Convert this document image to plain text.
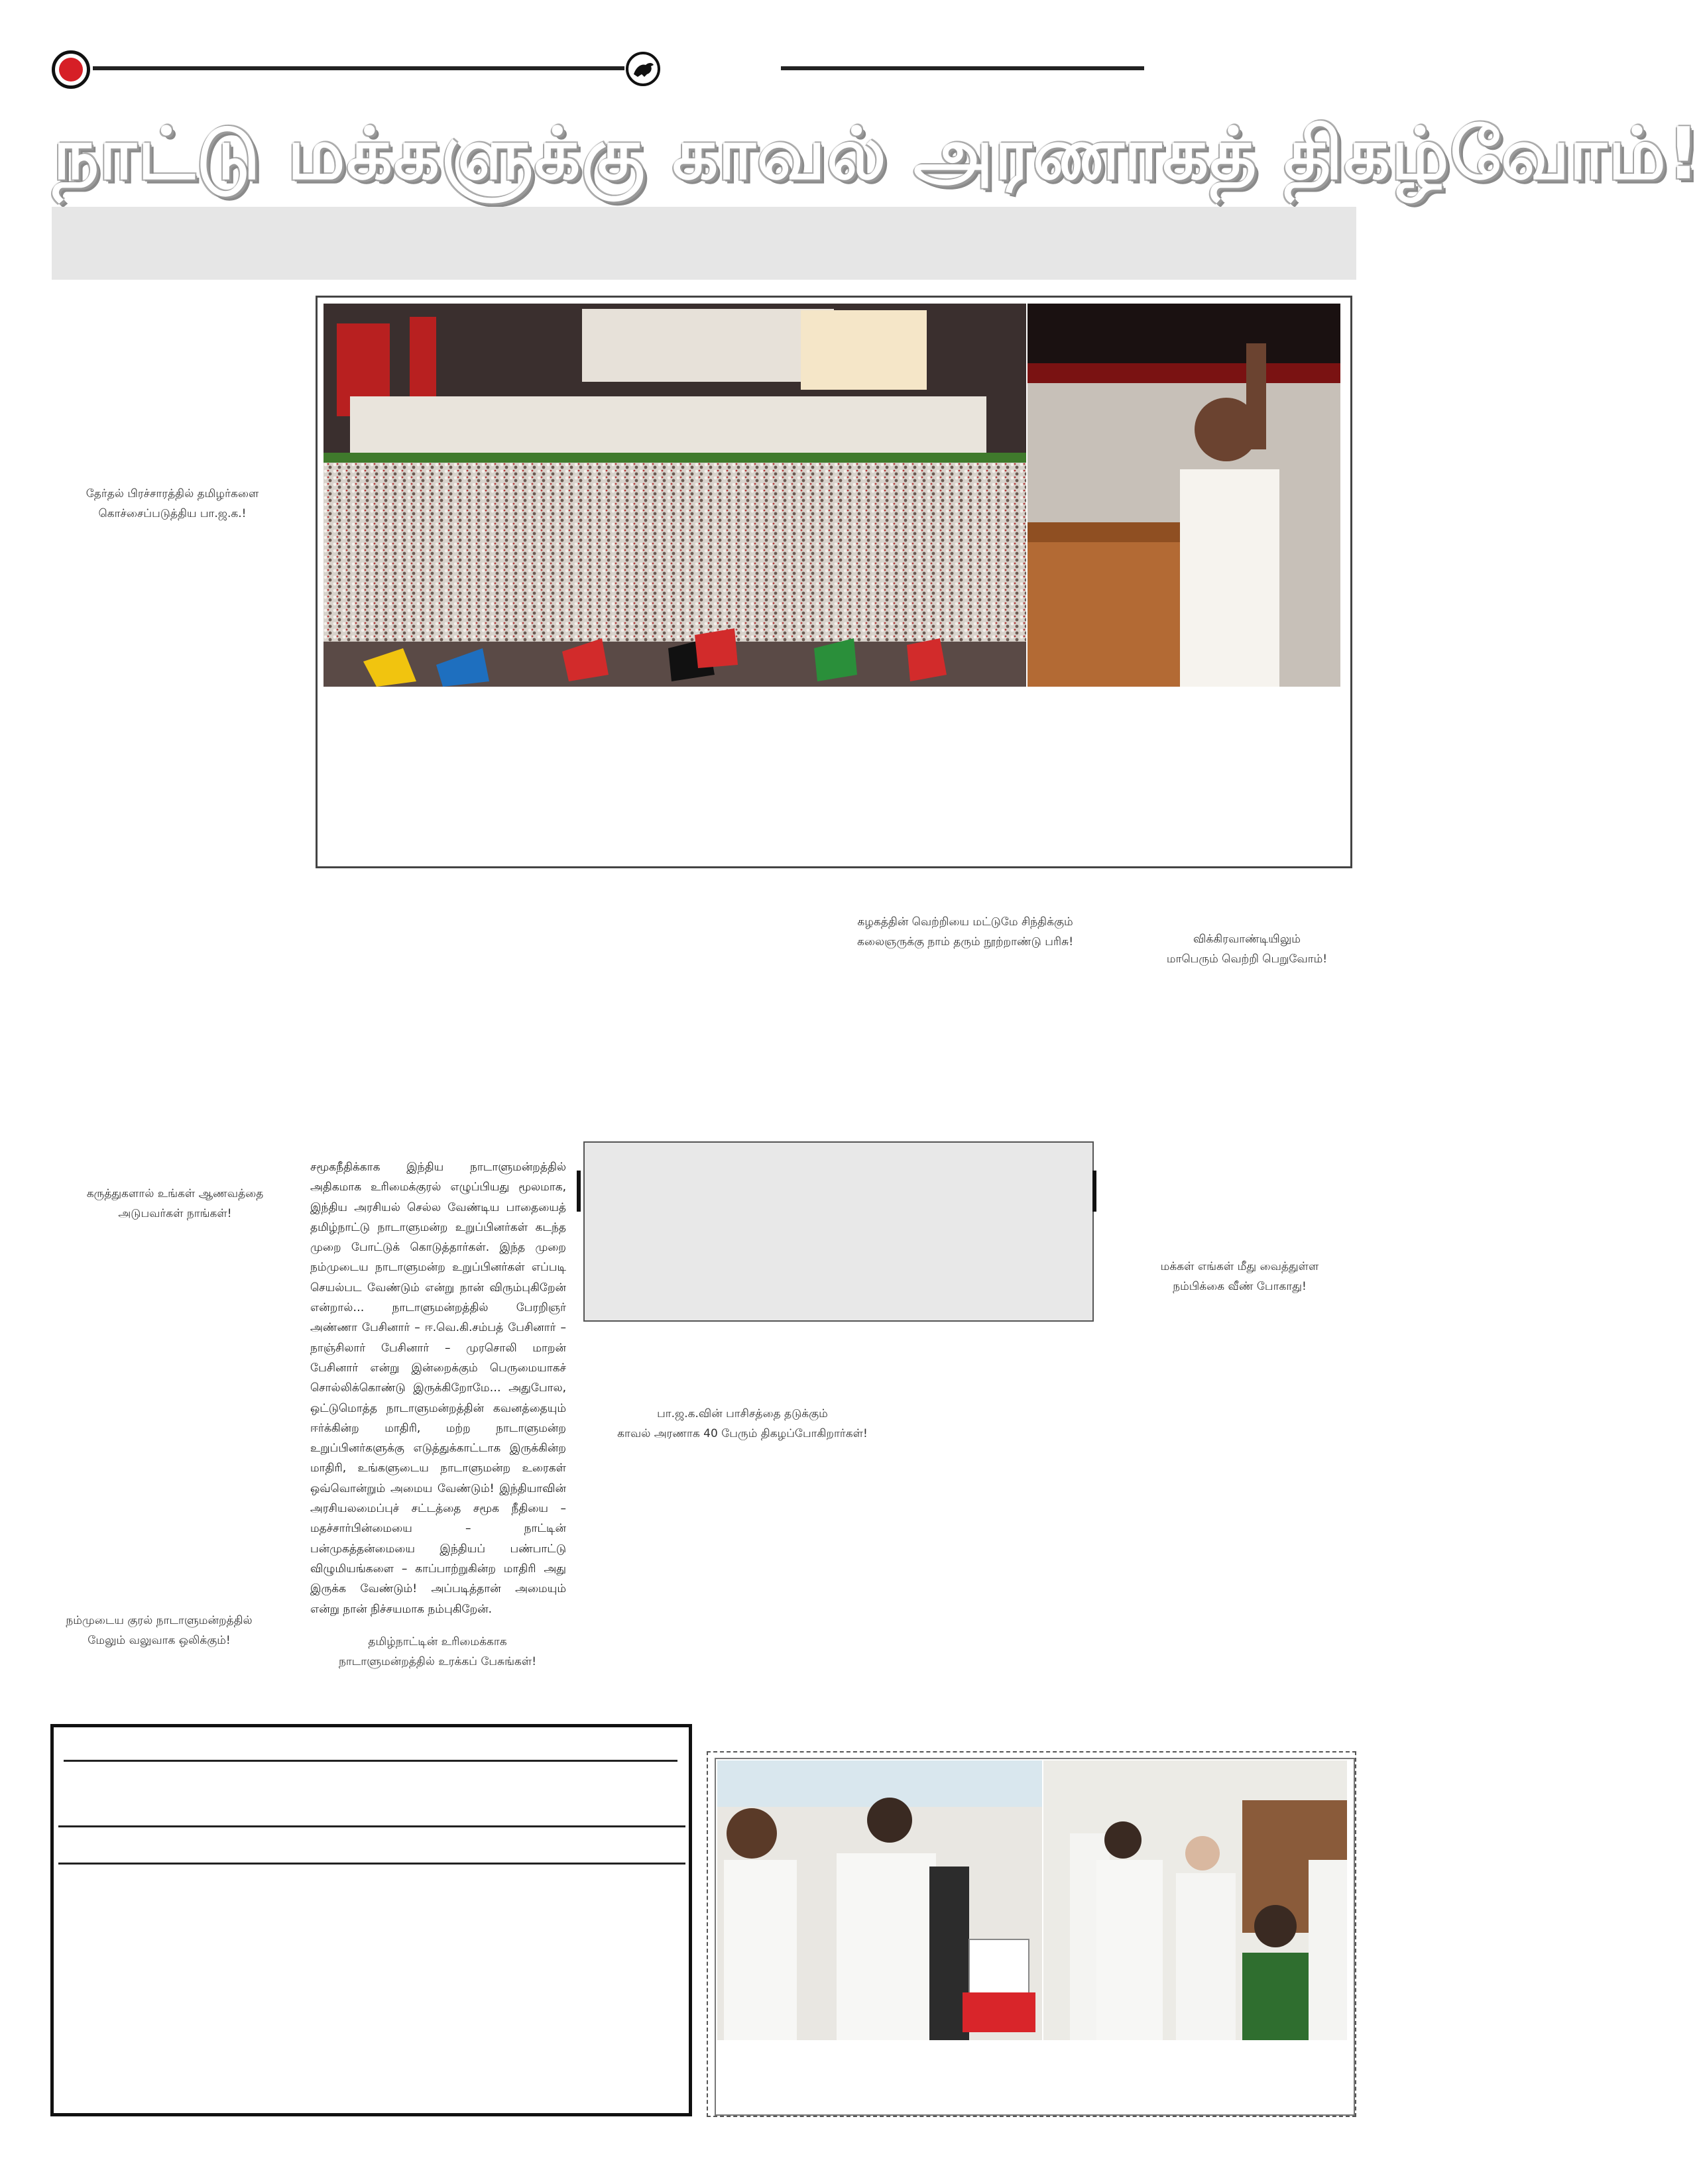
நாட்டு மக்களுக்கு காவல் அரணாகத் திகழ்வோம்!
தேர்தல் பிரச்சாரத்தில் தமிழர்களை
கொச்சைப்படுத்திய பா.ஜ.க.!
கழகத்தின் வெற்றியை மட்டுமே சிந்திக்கும்
கலைஞருக்கு நாம் தரும் நூற்றாண்டு பரிசு!	விக்கிரவாண்டியிலும்
மாபெரும் வெற்றி பெறுவோம்!
கருத்துகளால் உங்கள் ஆணவத்தை
அடுபவர்கள் நாங்கள்!
சமூகநீதிக்காக இந்திய நாடாளுமன்றத்தில் அதிகமாக உரிமைக்குரல் எழுப்பியது மூலமாக, இந்திய அரசியல் செல்ல வேண்டிய பாதையைத் தமிழ்நாட்டு நாடாளுமன்ற உறுப்பினர்கள் கடந்த முறை போட்டுக் கொடுத்தார்கள். இந்த முறை நம்முடைய நாடாளுமன்ற உறுப்பினர்கள் எப்படி செயல்பட வேண்டும் என்று நான் விரும்புகிறேன் என்றால்… நாடாளுமன்றத்தில் பேரறிஞர் அண்ணா பேசினார் – ஈ.வெ.கி.சம்பத் பேசினார் – நாஞ்சிலார் பேசினார் – முரசொலி மாறன் பேசினார் என்று இன்றைக்கும் பெருமையாகச் சொல்லிக்கொண்டு இருக்கிறோமே… அதுபோல, ஒட்டுமொத்த நாடாளுமன்றத்தின் கவனத்தையும் ஈர்க்கின்ற மாதிரி, மற்ற நாடாளுமன்ற உறுப்பினர்களுக்கு எடுத்துக்காட்டாக இருக்கின்ற மாதிரி, உங்களுடைய நாடாளுமன்ற உரைகள் ஒவ்வொன்றும் அமைய வேண்டும்! இந்தியாவின் அரசியலமைப்புச் சட்டத்தை சமூக நீதியை –மதச்சார்பின்மையை – நாட்டின் பன்முகத்தன்மையை இந்தியப் பண்பாட்டு விழுமியங்களை – காப்பாற்றுகின்ற மாதிரி அது இருக்க வேண்டும்! அப்படித்தான் அமையும் என்று நான் நிச்சயமாக நம்புகிறேன்.
மக்கள் எங்கள் மீது வைத்துள்ள
நம்பிக்கை வீண் போகாது!
பா.ஜ.க.வின் பாசிசத்தை தடுக்கும்
காவல் அரணாக 40 பேரும் திகழப்போகிறார்கள்!
நம்முடைய குரல் நாடாளுமன்றத்தில்
மேலும் வலுவாக ஒலிக்கும்!	தமிழ்நாட்டின் உரிமைக்காக
நாடாளுமன்றத்தில் உரக்கப் பேசுங்கள்!
